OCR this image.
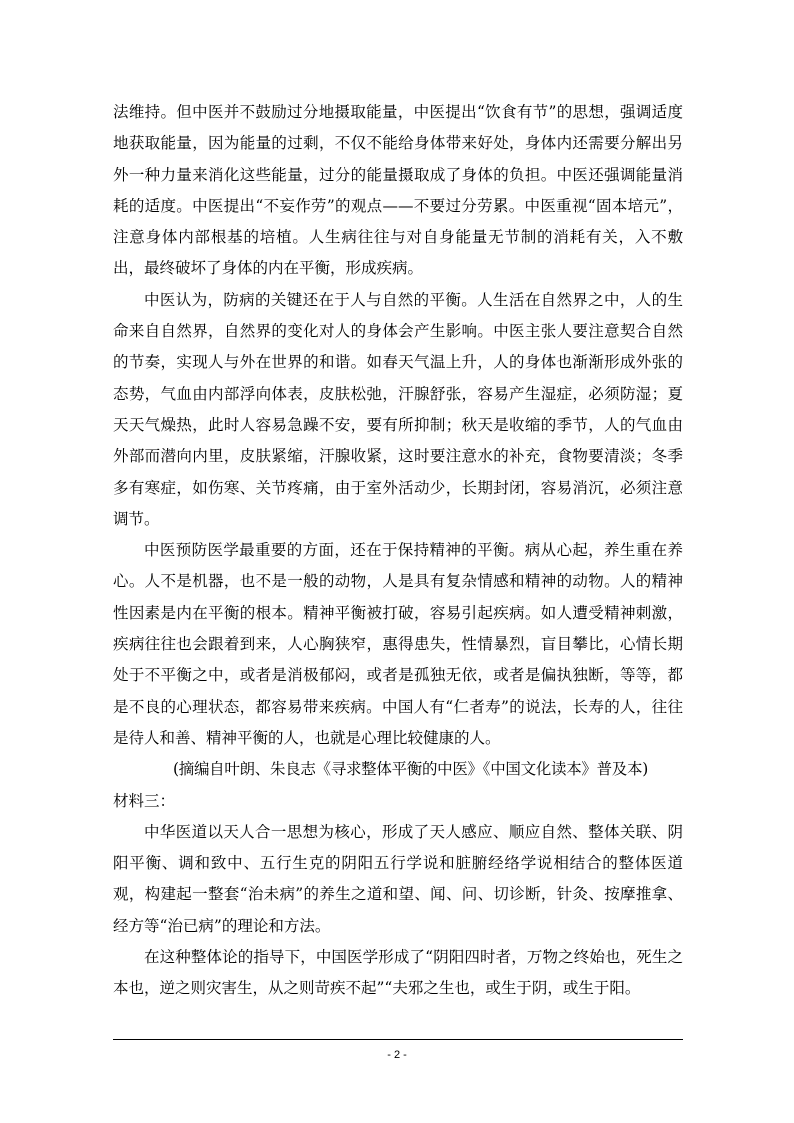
法维持。但中医并不鼓励过分地摄取能量，中医提出“饮食有节”的思想，强调适度地获取能量，因为能量的过剩，不仅不能给身体带来好处，身体内还需要分解出另外一种力量来消化这些能量，过分的能量摄取成了身体的负担。中医还强调能量消耗的适度。中医提出“不妄作劳”的观点——不要过分劳累。中医重视“固本培元”，注意身体内部根基的培植。人生病往往与对自身能量无节制的消耗有关，入不敷出，最终破坏了身体的内在平衡，形成疾病。

中医认为，防病的关键还在于人与自然的平衡。人生活在自然界之中，人的生命来自自然界，自然界的变化对人的身体会产生影响。中医主张人要注意契合自然的节奏，实现人与外在世界的和谐。如春天气温上升，人的身体也渐渐形成外张的态势，气血由内部浮向体表，皮肤松弛，汗腺舒张，容易产生湿症，必须防湿；夏天天气燥热，此时人容易急躁不安，要有所抑制；秋天是收缩的季节，人的气血由外部而潜向内里，皮肤紧缩，汗腺收紧，这时要注意水的补充，食物要清淡；冬季多有寒症，如伤寒、关节疼痛，由于室外活动少，长期封闭，容易消沉，必须注意调节。

中医预防医学最重要的方面，还在于保持精神的平衡。病从心起，养生重在养心。人不是机器，也不是一般的动物，人是具有复杂情感和精神的动物。人的精神性因素是内在平衡的根本。精神平衡被打破，容易引起疾病。如人遭受精神刺激，疾病往往也会跟着到来，人心胸狭窄，惠得患失，性情暴烈，盲目攀比，心情长期处于不平衡之中，或者是消极郁闷，或者是孤独无依，或者是偏执独断，等等，都是不良的心理状态，都容易带来疾病。中国人有“仁者寿”的说法，长寿的人，往往是待人和善、精神平衡的人，也就是心理比较健康的人。

(摘编自叶朗、朱良志《寻求整体平衡的中医》《中国文化读本》普及本)

材料三：

中华医道以天人合一思想为核心，形成了天人感应、顺应自然、整体关联、阴阳平衡、调和致中、五行生克的阴阳五行学说和脏腑经络学说相结合的整体医道观，构建起一整套“治未病”的养生之道和望、闻、问、切诊断，针灸、按摩推拿、经方等“治已病”的理论和方法。

在这种整体论的指导下，中国医学形成了“阴阳四时者，万物之终始也，死生之本也，逆之则灾害生，从之则苛疾不起”“夫邪之生也，或生于阴，或生于阳。

- 2 -
